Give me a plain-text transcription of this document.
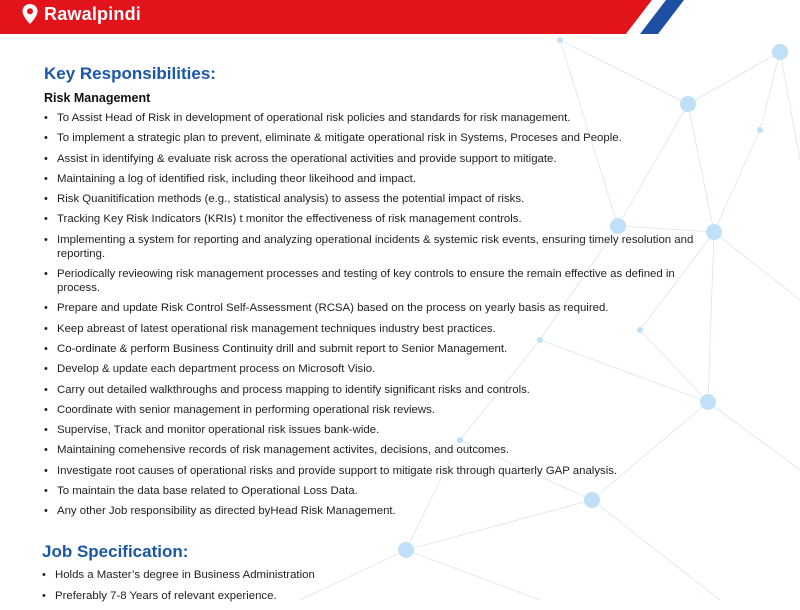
Rawalpindi
Key Responsibilities:
Risk Management
• To Assist Head of Risk in development of operational risk policies and standards for risk management.
• To implement a strategic plan to prevent, eliminate & mitigate operational risk in Systems, Proceses and People.
• Assist in identifying & evaluate risk across the operational activities and provide support to mitigate.
• Maintaining a log of identified risk, including theor likeihood and impact.
• Risk Quanitification methods (e.g., statistical analysis) to assess the potential impact of risks.
• Tracking Key Risk Indicators (KRIs) t monitor the effectiveness of risk management controls.
• Implementing a system for reporting and analyzing operational incidents & systemic risk events, ensuring timely resolution and reporting.
• Periodically revieowing risk management processes and testing of key controls to ensure the remain effective as defined in process.
• Prepare and update Risk Control Self-Assessment (RCSA) based on the process on yearly basis as required.
• Keep abreast of latest operational risk management techniques industry best practices.
• Co-ordinate & perform Business Continuity drill and submit report to Senior Management.
• Develop & update each department process on Microsoft Visio.
• Carry out detailed walkthroughs and process mapping to identify significant risks and controls.
• Coordinate with senior management in performing operational risk reviews.
• Supervise, Track and monitor operational risk issues bank-wide.
• Maintaining comehensive records of risk management activites, decisions, and outcomes.
• Investigate root causes of operational risks and provide support to mitigate risk through quarterly GAP analysis.
• To maintain the data base related to Operational Loss Data.
• Any other Job responsibility as directed byHead Risk Management.
Job Specification:
• Holds a Master’s degree in Business Administration
• Preferably 7-8 Years of relevant experience.
